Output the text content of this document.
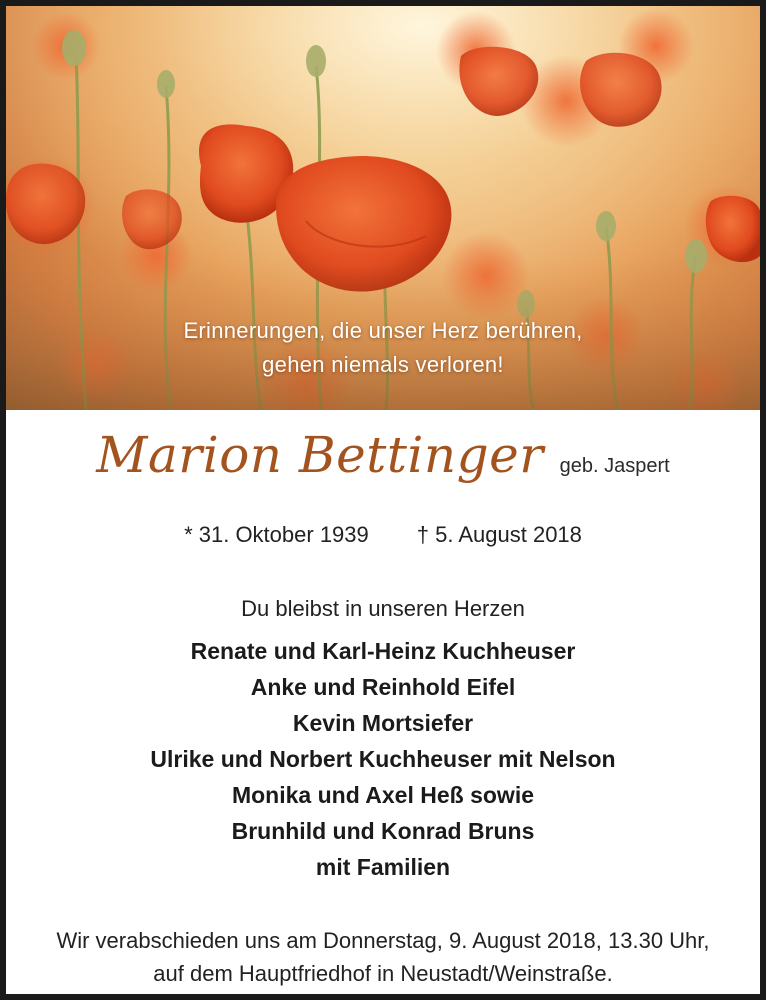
Erinnerungen, die unser Herz berühren,
gehen niemals verloren!
Marion Bettinger geb. Jaspert
* 31. Oktober 1939 † 5. August 2018
Du bleibst in unseren Herzen
Renate und Karl-Heinz Kuchheuser
Anke und Reinhold Eifel
Kevin Mortsiefer
Ulrike und Norbert Kuchheuser mit Nelson
Monika und Axel Heß sowie
Brunhild und Konrad Bruns
mit Familien
Wir verabschieden uns am Donnerstag, 9. August 2018, 13.30 Uhr,
auf dem Hauptfriedhof in Neustadt/Weinstraße.
